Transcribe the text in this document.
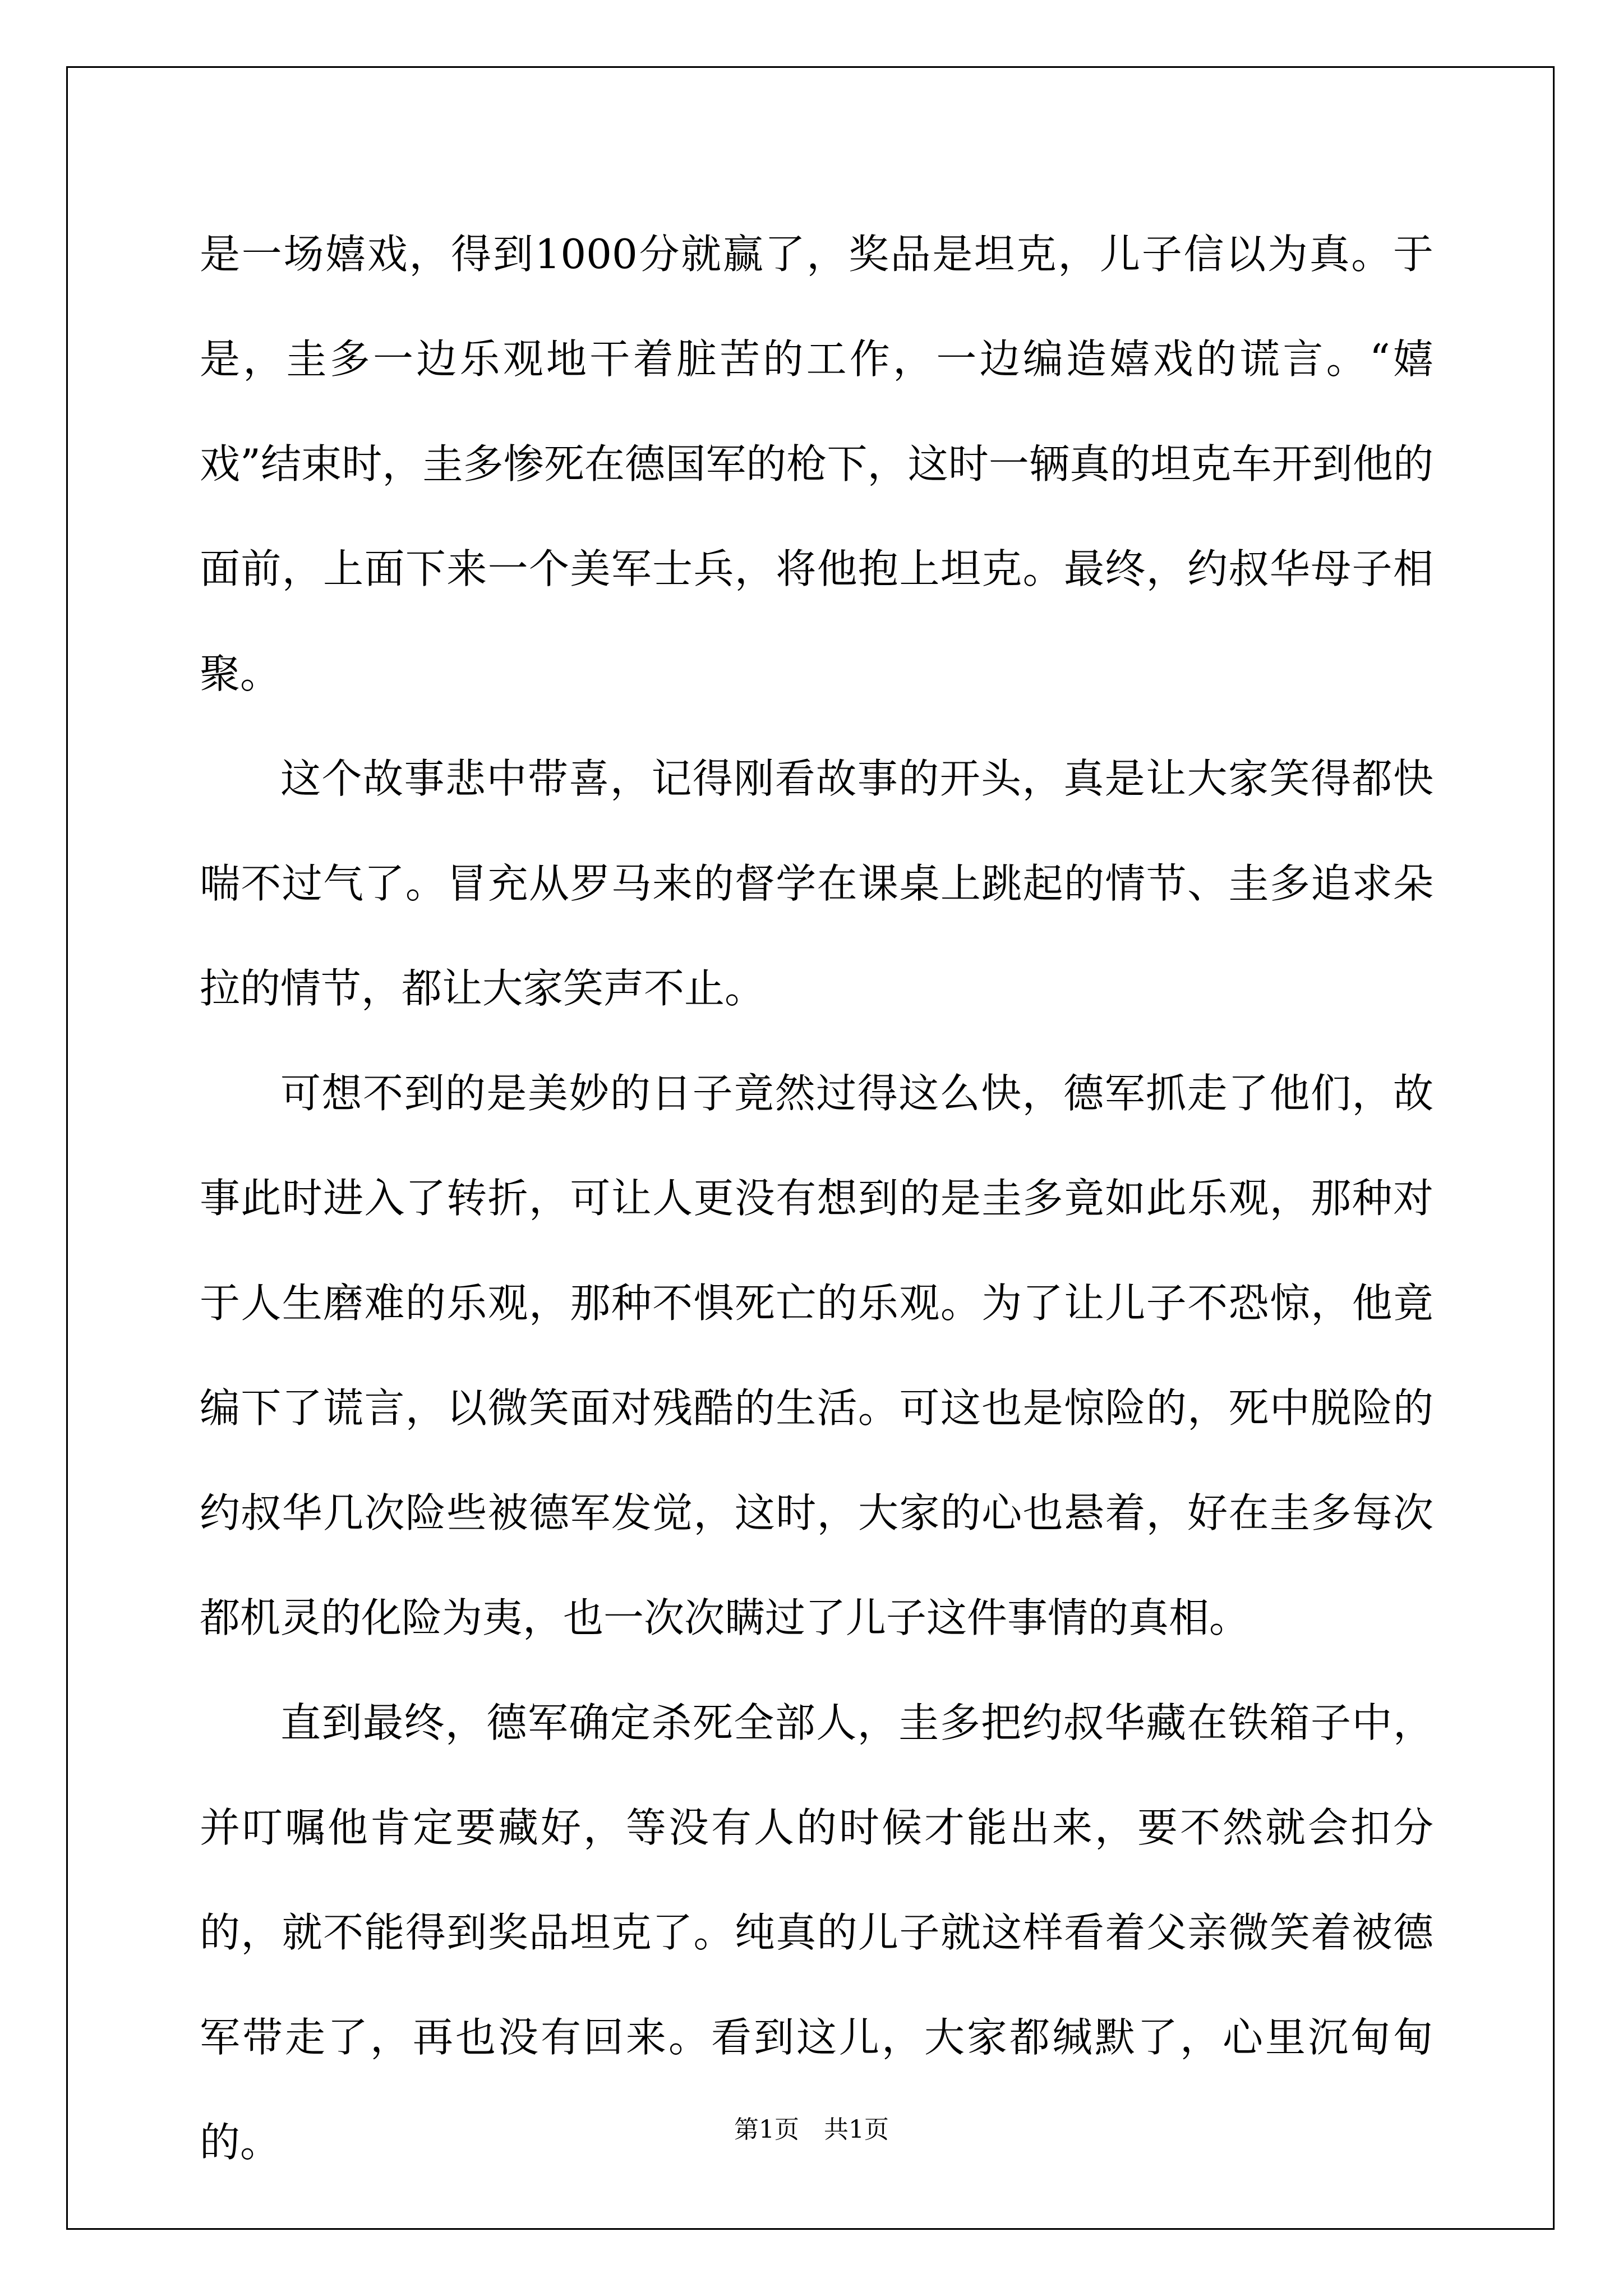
是一场嬉戏，得到1000分就赢了，奖品是坦克，儿子信以为真。于是，圭多一边乐观地干着脏苦的工作，一边编造嬉戏的谎言。“嬉戏”结束时，圭多惨死在德国军的枪下，这时一辆真的坦克车开到他的面前，上面下来一个美军士兵，将他抱上坦克。最终，约叔华母子相聚。

这个故事悲中带喜，记得刚看故事的开头，真是让大家笑得都快喘不过气了。冒充从罗马来的督学在课桌上跳起的情节、圭多追求朵拉的情节，都让大家笑声不止。

可想不到的是美妙的日子竟然过得这么快，德军抓走了他们，故事此时进入了转折，可让人更没有想到的是圭多竟如此乐观，那种对于人生磨难的乐观，那种不惧死亡的乐观。为了让儿子不恐惊，他竟编下了谎言，以微笑面对残酷的生活。可这也是惊险的，死中脱险的约叔华几次险些被德军发觉，这时，大家的心也悬着，好在圭多每次都机灵的化险为夷，也一次次瞒过了儿子这件事情的真相。

直到最终，德军确定杀死全部人，圭多把约叔华藏在铁箱子中，并叮嘱他肯定要藏好，等没有人的时候才能出来，要不然就会扣分的，就不能得到奖品坦克了。纯真的儿子就这样看着父亲微笑着被德军带走了，再也没有回来。看到这儿，大家都缄默了，心里沉甸甸的。	第1页 共1页
